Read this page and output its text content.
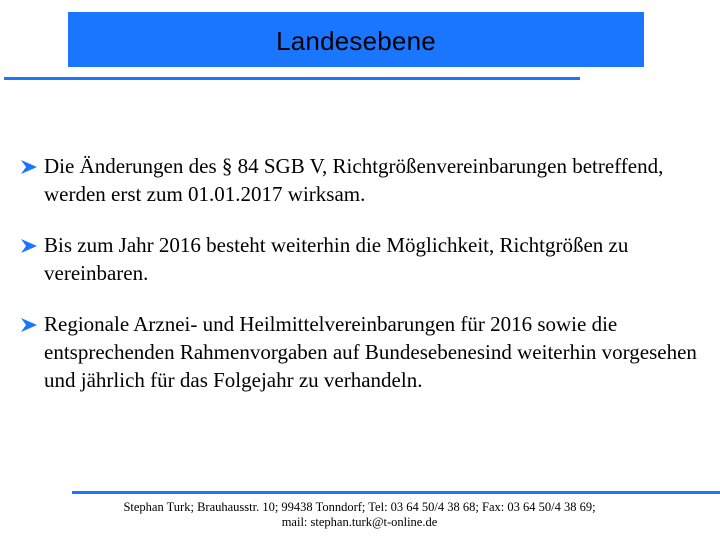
Landesebene
Die Änderungen des § 84 SGB V, Richtgrößenvereinbarungen betreffend, werden erst zum 01.01.2017 wirksam.
Bis zum Jahr 2016 besteht weiterhin die Möglichkeit, Richtgrößen zu vereinbaren.
Regionale Arznei- und Heilmittelvereinbarungen für 2016 sowie die entsprechenden Rahmenvorgaben auf Bundesebenesind weiterhin vorgesehen und jährlich für das Folgejahr zu verhandeln.
Stephan Turk; Brauhausstr. 10; 99438 Tonndorf; Tel: 03 64 50/4 38 68; Fax: 03 64 50/4 38 69;
mail: stephan.turk@t-online.de
